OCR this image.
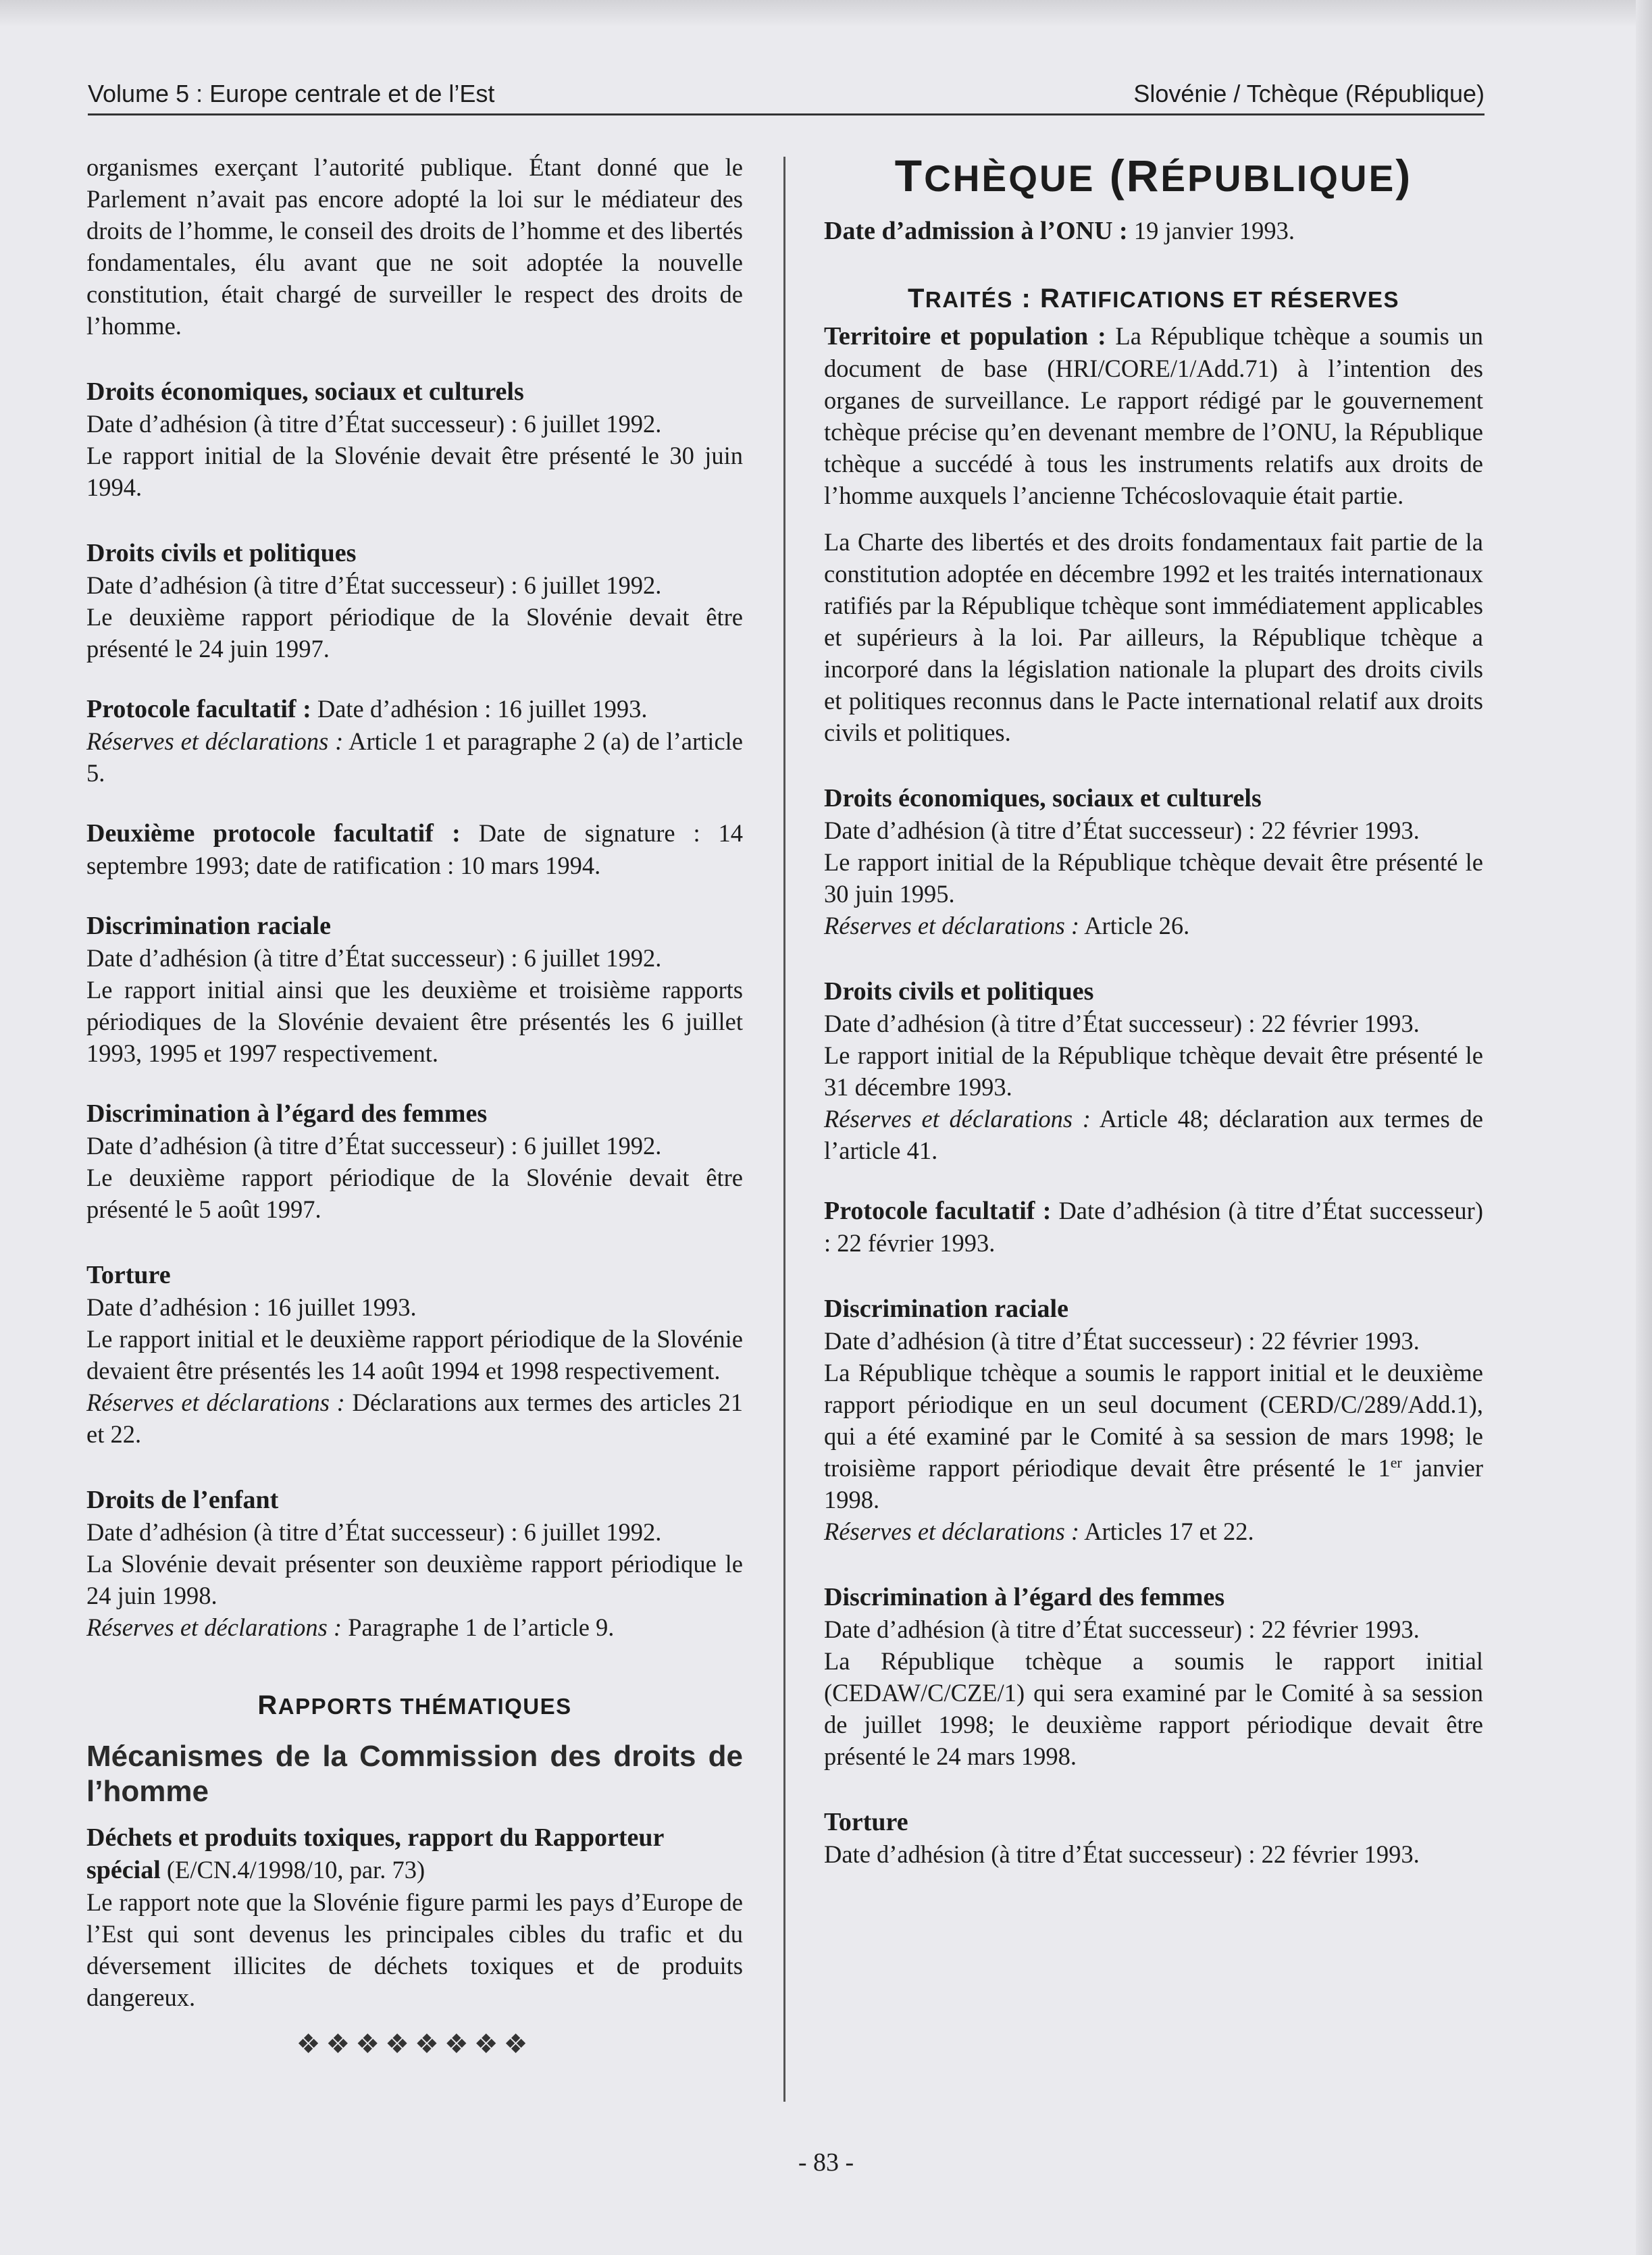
Volume 5 : Europe centrale et de l’Est	Slovénie / Tchèque (République)

organismes exerçant l’autorité publique. Étant donné que le Parlement n’avait pas encore adopté la loi sur le médiateur des droits de l’homme, le conseil des droits de l’homme et des libertés fondamentales, élu avant que ne soit adoptée la nouvelle constitution, était chargé de surveiller le respect des droits de l’homme.

Droits économiques, sociaux et culturels

Date d’adhésion (à titre d’État successeur) : 6 juillet 1992.

Le rapport initial de la Slovénie devait être présenté le 30 juin 1994.

Droits civils et politiques

Date d’adhésion (à titre d’État successeur) : 6 juillet 1992.

Le deuxième rapport périodique de la Slovénie devait être présenté le 24 juin 1997.

Protocole facultatif : Date d’adhésion : 16 juillet 1993.

Réserves et déclarations : Article 1 et paragraphe 2 (a) de l’article 5.

Deuxième protocole facultatif : Date de signature : 14 septembre 1993; date de ratification : 10 mars 1994.

Discrimination raciale

Date d’adhésion (à titre d’État successeur) : 6 juillet 1992.

Le rapport initial ainsi que les deuxième et troisième rapports périodiques de la Slovénie devaient être présentés les 6 juillet 1993, 1995 et 1997 respectivement.

Discrimination à l’égard des femmes

Date d’adhésion (à titre d’État successeur) : 6 juillet 1992.

Le deuxième rapport périodique de la Slovénie devait être présenté le 5 août 1997.

Torture

Date d’adhésion : 16 juillet 1993.

Le rapport initial et le deuxième rapport périodique de la Slovénie devaient être présentés les 14 août 1994 et 1998 respectivement.

Réserves et déclarations : Déclarations aux termes des articles 21 et 22.

Droits de l’enfant

Date d’adhésion (à titre d’État successeur) : 6 juillet 1992.

La Slovénie devait présenter son deuxième rapport périodique le 24 juin 1998.

Réserves et déclarations : Paragraphe 1 de l’article 9.

RAPPORTS THÉMATIQUES

Mécanismes de la Commission des droits de l’homme

Déchets et produits toxiques, rapport du Rapporteur spécial (E/CN.4/1998/10, par. 73)

Le rapport note que la Slovénie figure parmi les pays d’Europe de l’Est qui sont devenus les principales cibles du trafic et du déversement illicites de déchets toxiques et de produits dangereux.

❖❖❖❖❖❖❖❖

TCHÈQUE (RÉPUBLIQUE)

Date d’admission à l’ONU : 19 janvier 1993.

TRAITÉS : RATIFICATIONS ET RÉSERVES

Territoire et population : La République tchèque a soumis un document de base (HRI/CORE/1/Add.71) à l’intention des organes de surveillance. Le rapport rédigé par le gouvernement tchèque précise qu’en devenant membre de l’ONU, la République tchèque a succédé à tous les instruments relatifs aux droits de l’homme auxquels l’ancienne Tchécoslovaquie était partie.

La Charte des libertés et des droits fondamentaux fait partie de la constitution adoptée en décembre 1992 et les traités internationaux ratifiés par la République tchèque sont immédiatement applicables et supérieurs à la loi. Par ailleurs, la République tchèque a incorporé dans la législation nationale la plupart des droits civils et politiques reconnus dans le Pacte international relatif aux droits civils et politiques.

Droits économiques, sociaux et culturels

Date d’adhésion (à titre d’État successeur) : 22 février 1993.

Le rapport initial de la République tchèque devait être présenté le 30 juin 1995.

Réserves et déclarations : Article 26.

Droits civils et politiques

Date d’adhésion (à titre d’État successeur) : 22 février 1993.

Le rapport initial de la République tchèque devait être présenté le 31 décembre 1993.

Réserves et déclarations : Article 48; déclaration aux termes de l’article 41.

Protocole facultatif : Date d’adhésion (à titre d’État successeur) : 22 février 1993.

Discrimination raciale

Date d’adhésion (à titre d’État successeur) : 22 février 1993.

La République tchèque a soumis le rapport initial et le deuxième rapport périodique en un seul document (CERD/C/289/Add.1), qui a été examiné par le Comité à sa session de mars 1998; le troisième rapport périodique devait être présenté le 1er janvier 1998.

Réserves et déclarations : Articles 17 et 22.

Discrimination à l’égard des femmes

Date d’adhésion (à titre d’État successeur) : 22 février 1993.

La République tchèque a soumis le rapport initial (CEDAW/C/CZE/1) qui sera examiné par le Comité à sa session de juillet 1998; le deuxième rapport périodique devait être présenté le 24 mars 1998.

Torture

Date d’adhésion (à titre d’État successeur) : 22 février 1993.

- 83 -
